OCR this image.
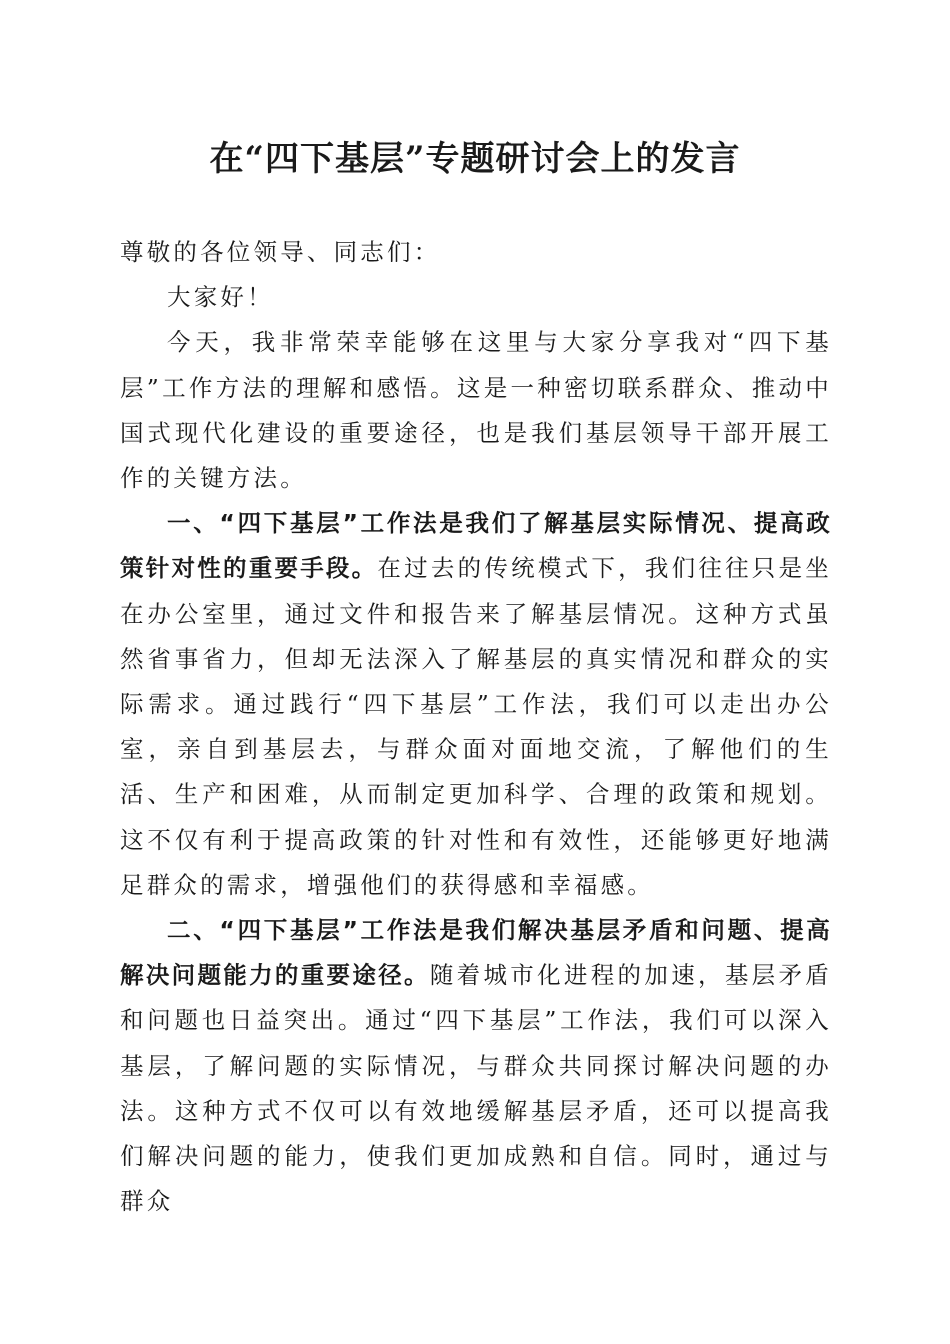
在“四下基层”专题研讨会上的发言

尊敬的各位领导、同志们：

大家好！

今天，我非常荣幸能够在这里与大家分享我对“四下基层”工作方法的理解和感悟。这是一种密切联系群众、推动中国式现代化建设的重要途径，也是我们基层领导干部开展工作的关键方法。

一、“四下基层”工作法是我们了解基层实际情况、提高政策针对性的重要手段。在过去的传统模式下，我们往往只是坐在办公室里，通过文件和报告来了解基层情况。这种方式虽然省事省力，但却无法深入了解基层的真实情况和群众的实际需求。通过践行“四下基层”工作法，我们可以走出办公室，亲自到基层去，与群众面对面地交流，了解他们的生活、生产和困难，从而制定更加科学、合理的政策和规划。这不仅有利于提高政策的针对性和有效性，还能够更好地满足群众的需求，增强他们的获得感和幸福感。

二、“四下基层”工作法是我们解决基层矛盾和问题、提高解决问题能力的重要途径。随着城市化进程的加速，基层矛盾和问题也日益突出。通过“四下基层”工作法，我们可以深入基层，了解问题的实际情况，与群众共同探讨解决问题的办法。这种方式不仅可以有效地缓解基层矛盾，还可以提高我们解决问题的能力，使我们更加成熟和自信。同时，通过与群众
